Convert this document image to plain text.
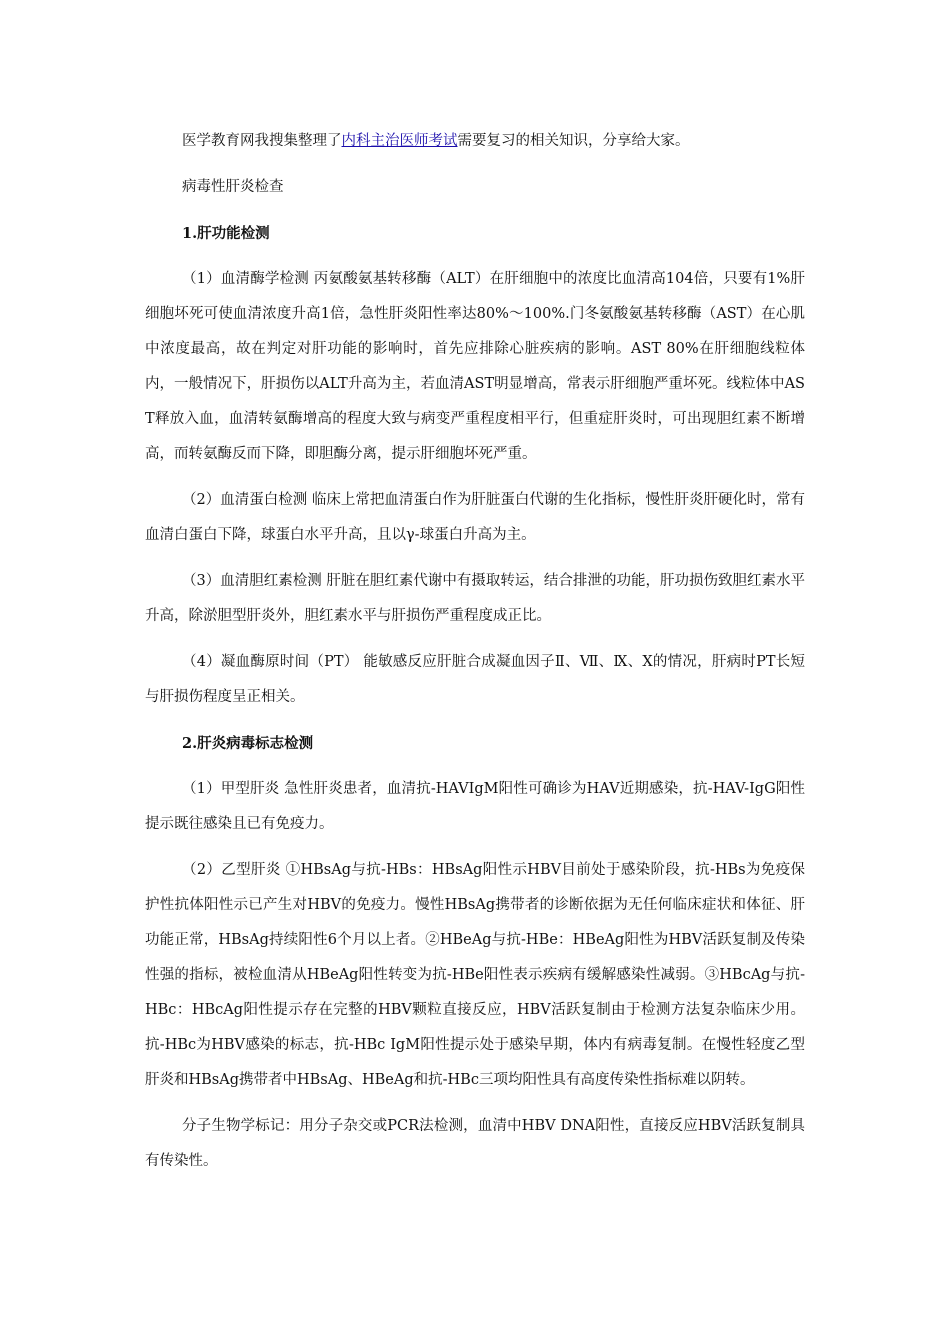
医学教育网我搜集整理了内科主治医师考试需要复习的相关知识，分享给大家。

病毒性肝炎检查

1.肝功能检测

（1）血清酶学检测 丙氨酸氨基转移酶（ALT）在肝细胞中的浓度比血清高104倍，只要有1%肝细胞坏死可使血清浓度升高1倍，急性肝炎阳性率达80%～100%.门冬氨酸氨基转移酶（AST）在心肌中浓度最高，故在判定对肝功能的影响时，首先应排除心脏疾病的影响。AST 80%在肝细胞线粒体内，一般情况下，肝损伤以ALT升高为主，若血清AST明显增高，常表示肝细胞严重坏死。线粒体中AST释放入血，血清转氨酶增高的程度大致与病变严重程度相平行，但重症肝炎时，可出现胆红素不断增高，而转氨酶反而下降，即胆酶分离，提示肝细胞坏死严重。

（2）血清蛋白检测 临床上常把血清蛋白作为肝脏蛋白代谢的生化指标，慢性肝炎肝硬化时，常有血清白蛋白下降，球蛋白水平升高，且以γ-球蛋白升高为主。

（3）血清胆红素检测 肝脏在胆红素代谢中有摄取转运，结合排泄的功能，肝功损伤致胆红素水平升高，除淤胆型肝炎外，胆红素水平与肝损伤严重程度成正比。

（4）凝血酶原时间（PT） 能敏感反应肝脏合成凝血因子Ⅱ、Ⅶ、Ⅸ、Ⅹ的情况，肝病时PT长短与肝损伤程度呈正相关。

2.肝炎病毒标志检测

（1）甲型肝炎 急性肝炎患者，血清抗-HAVIgM阳性可确诊为HAV近期感染，抗-HAV-IgG阳性提示既往感染且已有免疫力。

（2）乙型肝炎 ①HBsAg与抗-HBs：HBsAg阳性示HBV目前处于感染阶段，抗-HBs为免疫保护性抗体阳性示已产生对HBV的免疫力。慢性HBsAg携带者的诊断依据为无任何临床症状和体征、肝功能正常，HBsAg持续阳性6个月以上者。②HBeAg与抗-HBe：HBeAg阳性为HBV活跃复制及传染性强的指标，被检血清从HBeAg阳性转变为抗-HBe阳性表示疾病有缓解感染性减弱。③HBcAg与抗-HBc：HBcAg阳性提示存在完整的HBV颗粒直接反应，HBV活跃复制由于检测方法复杂临床少用。抗-HBc为HBV感染的标志，抗-HBc IgM阳性提示处于感染早期，体内有病毒复制。在慢性轻度乙型肝炎和HBsAg携带者中HBsAg、HBeAg和抗-HBc三项均阳性具有高度传染性指标难以阴转。

分子生物学标记：用分子杂交或PCR法检测，血清中HBV DNA阳性，直接反应HBV活跃复制具有传染性。
